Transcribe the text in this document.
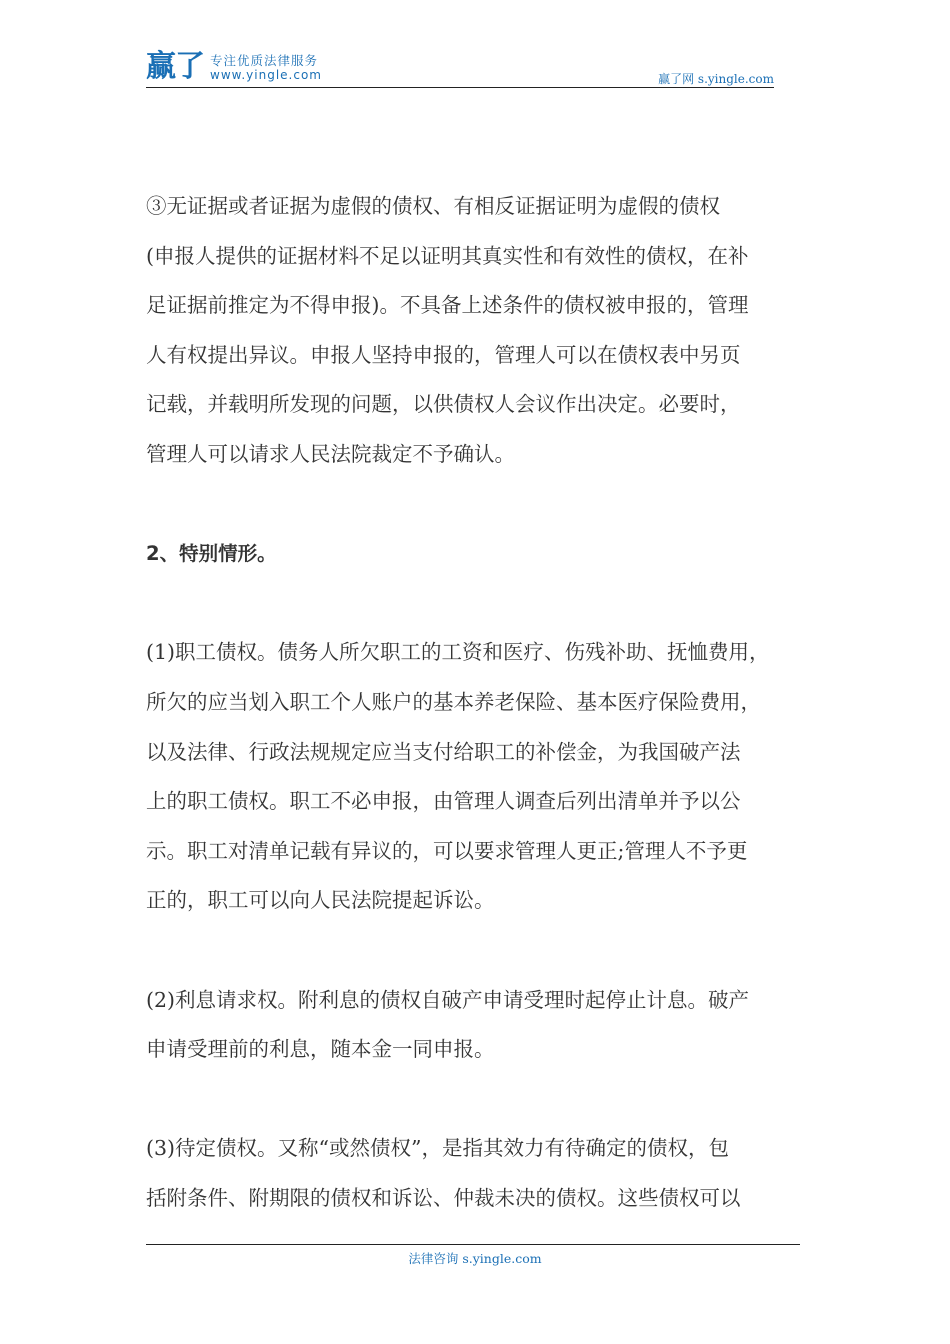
赢了 专注优质法律服务
www.yingle.com	赢了网 s.yingle.com
③无证据或者证据为虚假的债权、有相反证据证明为虚假的债权
(申报人提供的证据材料不足以证明其真实性和有效性的债权，在补
足证据前推定为不得申报)。不具备上述条件的债权被申报的，管理
人有权提出异议。申报人坚持申报的，管理人可以在债权表中另页
记载，并载明所发现的问题，以供债权人会议作出决定。必要时，
管理人可以请求人民法院裁定不予确认。
2、特别情形。
(1)职工债权。债务人所欠职工的工资和医疗、伤残补助、抚恤费用，
所欠的应当划入职工个人账户的基本养老保险、基本医疗保险费用，
以及法律、行政法规规定应当支付给职工的补偿金，为我国破产法
上的职工债权。职工不必申报，由管理人调查后列出清单并予以公
示。职工对清单记载有异议的，可以要求管理人更正;管理人不予更
正的，职工可以向人民法院提起诉讼。
(2)利息请求权。附利息的债权自破产申请受理时起停止计息。破产
申请受理前的利息，随本金一同申报。
(3)待定债权。又称“或然债权”，是指其效力有待确定的债权，包
括附条件、附期限的债权和诉讼、仲裁未决的债权。这些债权可以
法律咨询 s.yingle.com
